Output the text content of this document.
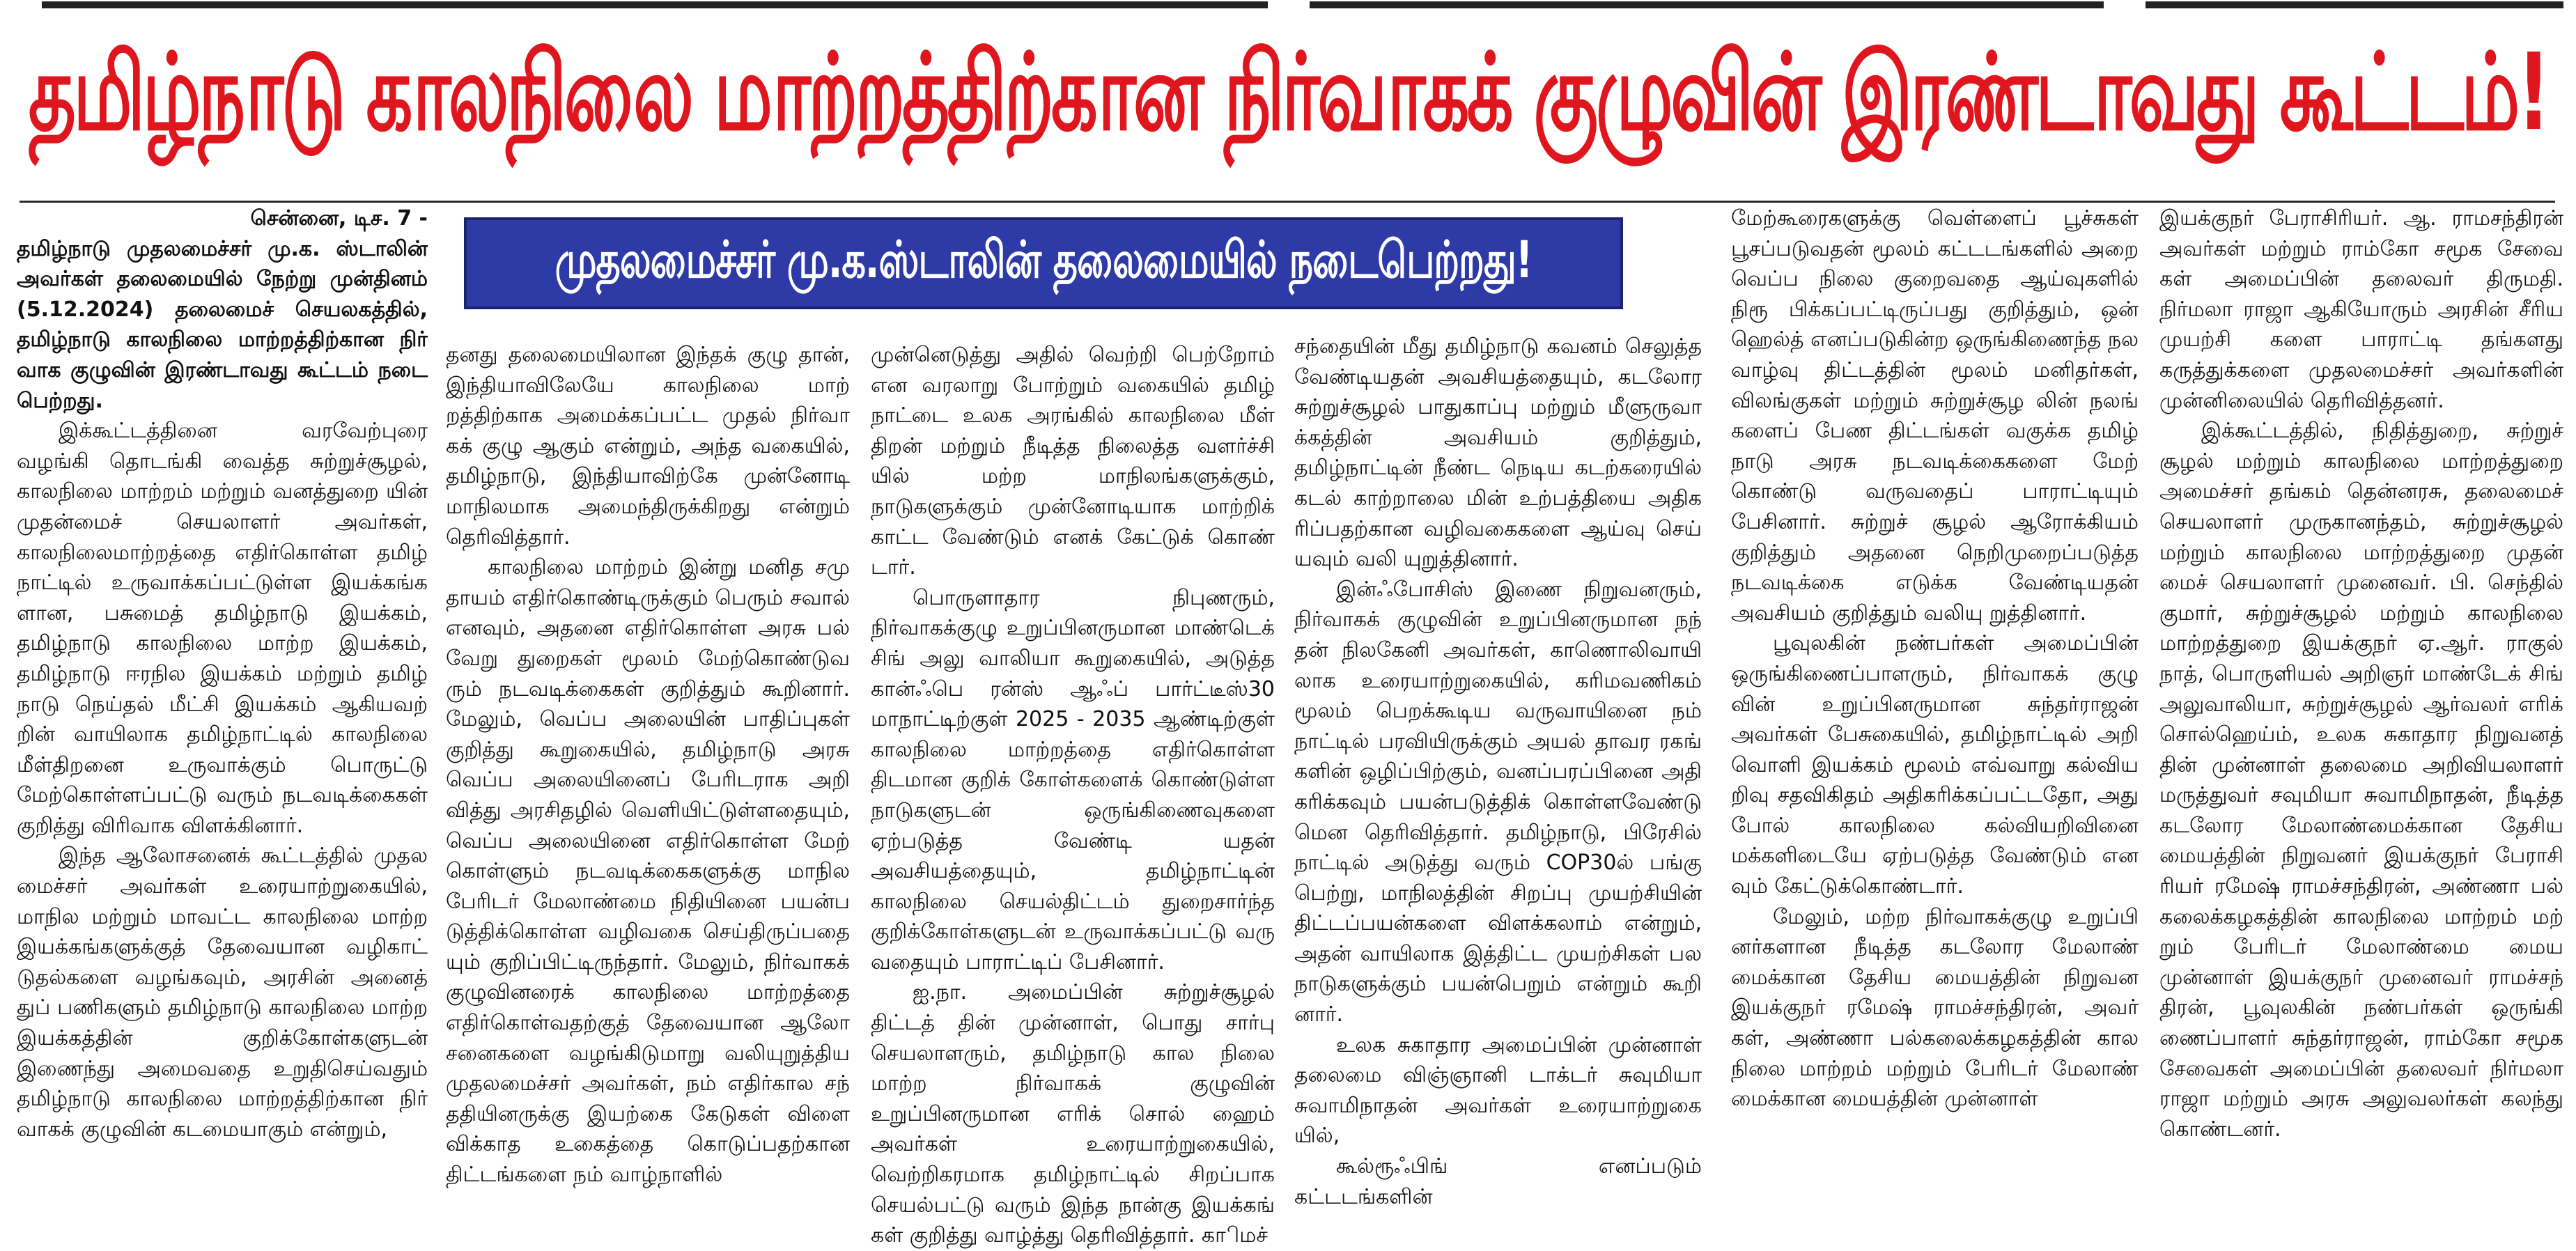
தமிழ்நாடு காலநிலை மாற்றத்திற்கான நிர்வாகக் குழுவின் இரண்டாவது கூட்டம்!
முதலமைச்சர் மு.க.ஸ்டாலின் தலைமையில் நடைபெற்றது!
சென்னை, டிச. 7 -

தமிழ்நாடு முதலமைச்சர் மு.க. ஸ்டாலின் அவர்கள் தலைமையில் நேற்று முன்தினம் (5.12.2024) தலைமைச் செயலகத்தில், தமிழ்நாடு காலநிலை மாற்றத்திற்கான நிர் வாக குழுவின் இரண்டாவது கூட்டம் நடை பெற்றது.

இக்கூட்டத்தினை வரவேற்புரை வழங்கி தொடங்கி வைத்த சுற்றுச்சூழல், காலநிலை மாற்றம் மற்றும் வனத்துறை யின் முதன்மைச் செயலாளர் அவர்கள், காலநிலைமாற்றத்தை எதிர்கொள்ள தமிழ் நாட்டில் உருவாக்கப்பட்டுள்ள இயக்கங்க ளான, பசுமைத் தமிழ்நாடு இயக்கம், தமிழ்நாடு காலநிலை மாற்ற இயக்கம், தமிழ்நாடு ஈரநில இயக்கம் மற்றும் தமிழ் நாடு நெய்தல் மீட்சி இயக்கம் ஆகியவற் றின் வாயிலாக தமிழ்நாட்டில் காலநிலை மீள்திறனை உருவாக்கும் பொருட்டு மேற்கொள்ளப்பட்டு வரும் நடவடிக்கைகள் குறித்து விரிவாக விளக்கினார்.

இந்த ஆலோசனைக் கூட்டத்தில் முதல மைச்சர் அவர்கள் உரையாற்றுகையில், மாநில மற்றும் மாவட்ட காலநிலை மாற்ற இயக்கங்களுக்குத் தேவையான வழிகாட் டுதல்களை வழங்கவும், அரசின் அனைத் துப் பணிகளும் தமிழ்நாடு காலநிலை மாற்ற இயக்கத்தின் குறிக்கோள்களுடன் இணைந்து அமைவதை உறுதிசெய்வதும் தமிழ்நாடு காலநிலை மாற்றத்திற்கான நிர் வாகக் குழுவின் கடமையாகும் என்றும்,

தனது தலைமையிலான இந்தக் குழு தான், இந்தியாவிலேயே காலநிலை மாற் றத்திற்காக அமைக்கப்பட்ட முதல் நிர்வா கக் குழு ஆகும் என்றும், அந்த வகையில், தமிழ்நாடு, இந்தியாவிற்கே முன்னோடி மாநிலமாக அமைந்திருக்கிறது என்றும் தெரிவித்தார்.

காலநிலை மாற்றம் இன்று மனித சமு தாயம் எதிர்கொண்டிருக்கும் பெரும் சவால் எனவும், அதனை எதிர்கொள்ள அரசு பல் வேறு துறைகள் மூலம் மேற்கொண்டுவ ரும் நடவடிக்கைகள் குறித்தும் கூறினார். மேலும், வெப்ப அலையின் பாதிப்புகள் குறித்து கூறுகையில், தமிழ்நாடு அரசு வெப்ப அலையினைப் பேரிடராக அறி வித்து அரசிதழில் வெளியிட்டுள்ளதையும், வெப்ப அலையினை எதிர்கொள்ள மேற் கொள்ளும் நடவடிக்கைகளுக்கு மாநில பேரிடர் மேலாண்மை நிதியினை பயன்ப டுத்திக்கொள்ள வழிவகை செய்திருப்பதை யும் குறிப்பிட்டிருந்தார். மேலும், நிர்வாகக் குழுவினரைக் காலநிலை மாற்றத்தை எதிர்கொள்வதற்குத் தேவையான ஆலோ சனைகளை வழங்கிடுமாறு வலியுறுத்திய முதலமைச்சர் அவர்கள், நம் எதிர்கால சந் ததியினருக்கு இயற்கை கேடுகள் விளை விக்காத உகைத்தை கொடுப்பதற்கான திட்டங்களை நம் வாழ்நாளில்

முன்னெடுத்து அதில் வெற்றி பெற்றோம் என வரலாறு போற்றும் வகையில் தமிழ் நாட்டை உலக அரங்கில் காலநிலை மீள் திறன் மற்றும் நீடித்த நிலைத்த வளர்ச்சி யில் மற்ற மாநிலங்களுக்கும், நாடுகளுக்கும் முன்னோடியாக மாற்றிக் காட்ட வேண்டும் எனக் கேட்டுக் கொண் டார்.

பொருளாதார நிபுணரும், நிர்வாகக்குழு உறுப்பினருமான மாண்டெக் சிங் அலு வாலியா கூறுகையில், அடுத்த கான்ஃபெ ரன்ஸ் ஆஃப் பார்ட்டீஸ்30 மாநாட்டிற்குள் 2025 - 2035 ஆண்டிற்குள் காலநிலை மாற்றத்தை எதிர்கொள்ள திடமான குறிக் கோள்களைக் கொண்டுள்ள நாடுகளுடன் ஒருங்கிணைவுகளை ஏற்படுத்த வேண்டி யதன் அவசியத்தையும், தமிழ்நாட்டின் காலநிலை செயல்திட்டம் துறைசார்ந்த குறிக்கோள்களுடன் உருவாக்கப்பட்டு வரு வதையும் பாராட்டிப் பேசினார்.

ஐ.நா. அமைப்பின் சுற்றுச்சூழல் திட்டத் தின் முன்னாள், பொது சார்பு செயலாளரும், தமிழ்நாடு கால நிலை மாற்ற நிர்வாகக் குழுவின் உறுப்பினருமான எரிக் சொல் ஹைம் அவர்கள் உரையாற்றுகையில், வெற்றிகரமாக தமிழ்நாட்டில் சிறப்பாக செயல்பட்டு வரும் இந்த நான்கு இயக்கங் கள் குறித்து வாழ்த்து தெரிவித்தார். காிமச்

சந்தையின் மீது தமிழ்நாடு கவனம் செலுத்த வேண்டியதன் அவசியத்தையும், கடலோர சுற்றுச்சூழல் பாதுகாப்பு மற்றும் மீளுருவா க்கத்தின் அவசியம் குறித்தும், தமிழ்நாட்டின் நீண்ட நெடிய கடற்கரையில் கடல் காற்றாலை மின் உற்பத்தியை அதிக ரிப்பதற்கான வழிவகைகளை ஆய்வு செய் யவும் வலி யுறுத்தினார்.

இன்ஃபோசிஸ் இணை நிறுவனரும், நிர்வாகக் குழுவின் உறுப்பினருமான நந் தன் நிலகேனி அவர்கள், காணொலிவாயி லாக உரையாற்றுகையில், கரிமவணிகம் மூலம் பெறக்கூடிய வருவாயினை நம் நாட்டில் பரவியிருக்கும் அயல் தாவர ரகங் களின் ஒழிப்பிற்கும், வனப்பரப்பினை அதி கரிக்கவும் பயன்படுத்திக் கொள்ளவேண்டு மென தெரிவித்தார். தமிழ்நாடு, பிரேசில் நாட்டில் அடுத்து வரும் COP30ல் பங்கு பெற்று, மாநிலத்தின் சிறப்பு முயற்சியின் திட்டப்பயன்களை விளக்கலாம் என்றும், அதன் வாயிலாக இத்திட்ட முயற்சிகள் பல நாடுகளுக்கும் பயன்பெறும் என்றும் கூறி னார்.

உலக சுகாதார அமைப்பின் முன்னாள் தலைமை விஞ்ஞானி டாக்டர் சுவுமியா சுவாமிநாதன் அவர்கள் உரையாற்றுகை யில்,

கூல்ரூஃபிங் எனப்படும் கட்டடங்களின்

மேற்கூரைகளுக்கு வெள்ளைப் பூச்சுகள் பூசப்படுவதன் மூலம் கட்டடங்களில் அறை வெப்ப நிலை குறைவதை ஆய்வுகளில் நிரூ பிக்கப்பட்டிருப்பது குறித்தும், ஒன் ஹெல்த் எனப்படுகின்ற ஒருங்கிணைந்த நல வாழ்வு திட்டத்தின் மூலம் மனிதர்கள், விலங்குகள் மற்றும் சுற்றுச்சூழ லின் நலங் களைப் பேண திட்டங்கள் வகுக்க தமிழ் நாடு அரசு நடவடிக்கைகளை மேற் கொண்டு வருவதைப் பாராட்டியும் பேசினார். சுற்றுச் சூழல் ஆரோக்கியம் குறித்தும் அதனை நெறிமுறைப்படுத்த நடவடிக்கை எடுக்க வேண்டியதன் அவசியம் குறித்தும் வலியு றுத்தினார்.

பூவுலகின் நண்பர்கள் அமைப்பின் ஒருங்கிணைப்பாளரும், நிர்வாகக் குழு வின் உறுப்பினருமான சுந்தர்ராஜன் அவர்கள் பேசுகையில், தமிழ்நாட்டில் அறி வொளி இயக்கம் மூலம் எவ்வாறு கல்விய றிவு சதவிகிதம் அதிகரிக்கப்பட்டதோ, அது போல் காலநிலை கல்வியறிவினை மக்களிடையே ஏற்படுத்த வேண்டும் என வும் கேட்டுக்கொண்டார்.

மேலும், மற்ற நிர்வாகக்குழு உறுப்பி னர்களான நீடித்த கடலோர மேலாண் மைக்கான தேசிய மையத்தின் நிறுவன இயக்குநர் ரமேஷ் ராமச்சந்திரன், அவர் கள், அண்ணா பல்கலைக்கழகத்தின் கால நிலை மாற்றம் மற்றும் பேரிடர் மேலாண் மைக்கான மையத்தின் முன்னாள்

இயக்குநர் பேராசிரியர். ஆ. ராமசந்திரன் அவர்கள் மற்றும் ராம்கோ சமூக சேவை கள் அமைப்பின் தலைவர் திருமதி. நிர்மலா ராஜா ஆகியோரும் அரசின் சீரிய முயற்சி களை பாராட்டி தங்களது கருத்துக்களை முதலமைச்சர் அவர்களின் முன்னிலையில் தெரிவித்தனர்.

இக்கூட்டத்தில், நிதித்துறை, சுற்றுச் சூழல் மற்றும் காலநிலை மாற்றத்துறை அமைச்சர் தங்கம் தென்னரசு, தலைமைச் செயலாளர் முருகானந்தம், சுற்றுச்சூழல் மற்றும் காலநிலை மாற்றத்துறை முதன் மைச் செயலாளர் முனைவர். பி. செந்தில் குமார், சுற்றுச்சூழல் மற்றும் காலநிலை மாற்றத்துறை இயக்குநர் ஏ.ஆர். ராகுல் நாத், பொருளியல் அறிஞர் மாண்டேக் சிங் அலுவாலியா, சுற்றுச்சூழல் ஆர்வலர் எரிக் சொல்ஹெய்ம், உலக சுகாதார நிறுவனத் தின் முன்னாள் தலைமை அறிவியலாளர் மருத்துவர் சவுமியா சுவாமிநாதன், நீடித்த கடலோர மேலாண்மைக்கான தேசிய மையத்தின் நிறுவனர் இயக்குநர் பேராசி ரியர் ரமேஷ் ராமச்சந்திரன், அண்ணா பல் கலைக்கழகத்தின் காலநிலை மாற்றம் மற் றும் பேரிடர் மேலாண்மை மைய முன்னாள் இயக்குநர் முனைவர் ராமச்சந் திரன், பூவுலகின் நண்பர்கள் ஒருங்கி ணைப்பாளர் சுந்தர்ராஜன், ராம்கோ சமூக சேவைகள் அமைப்பின் தலைவர் நிர்மலா ராஜா மற்றும் அரசு அலுவலர்கள் கலந்து கொண்டனர்.
